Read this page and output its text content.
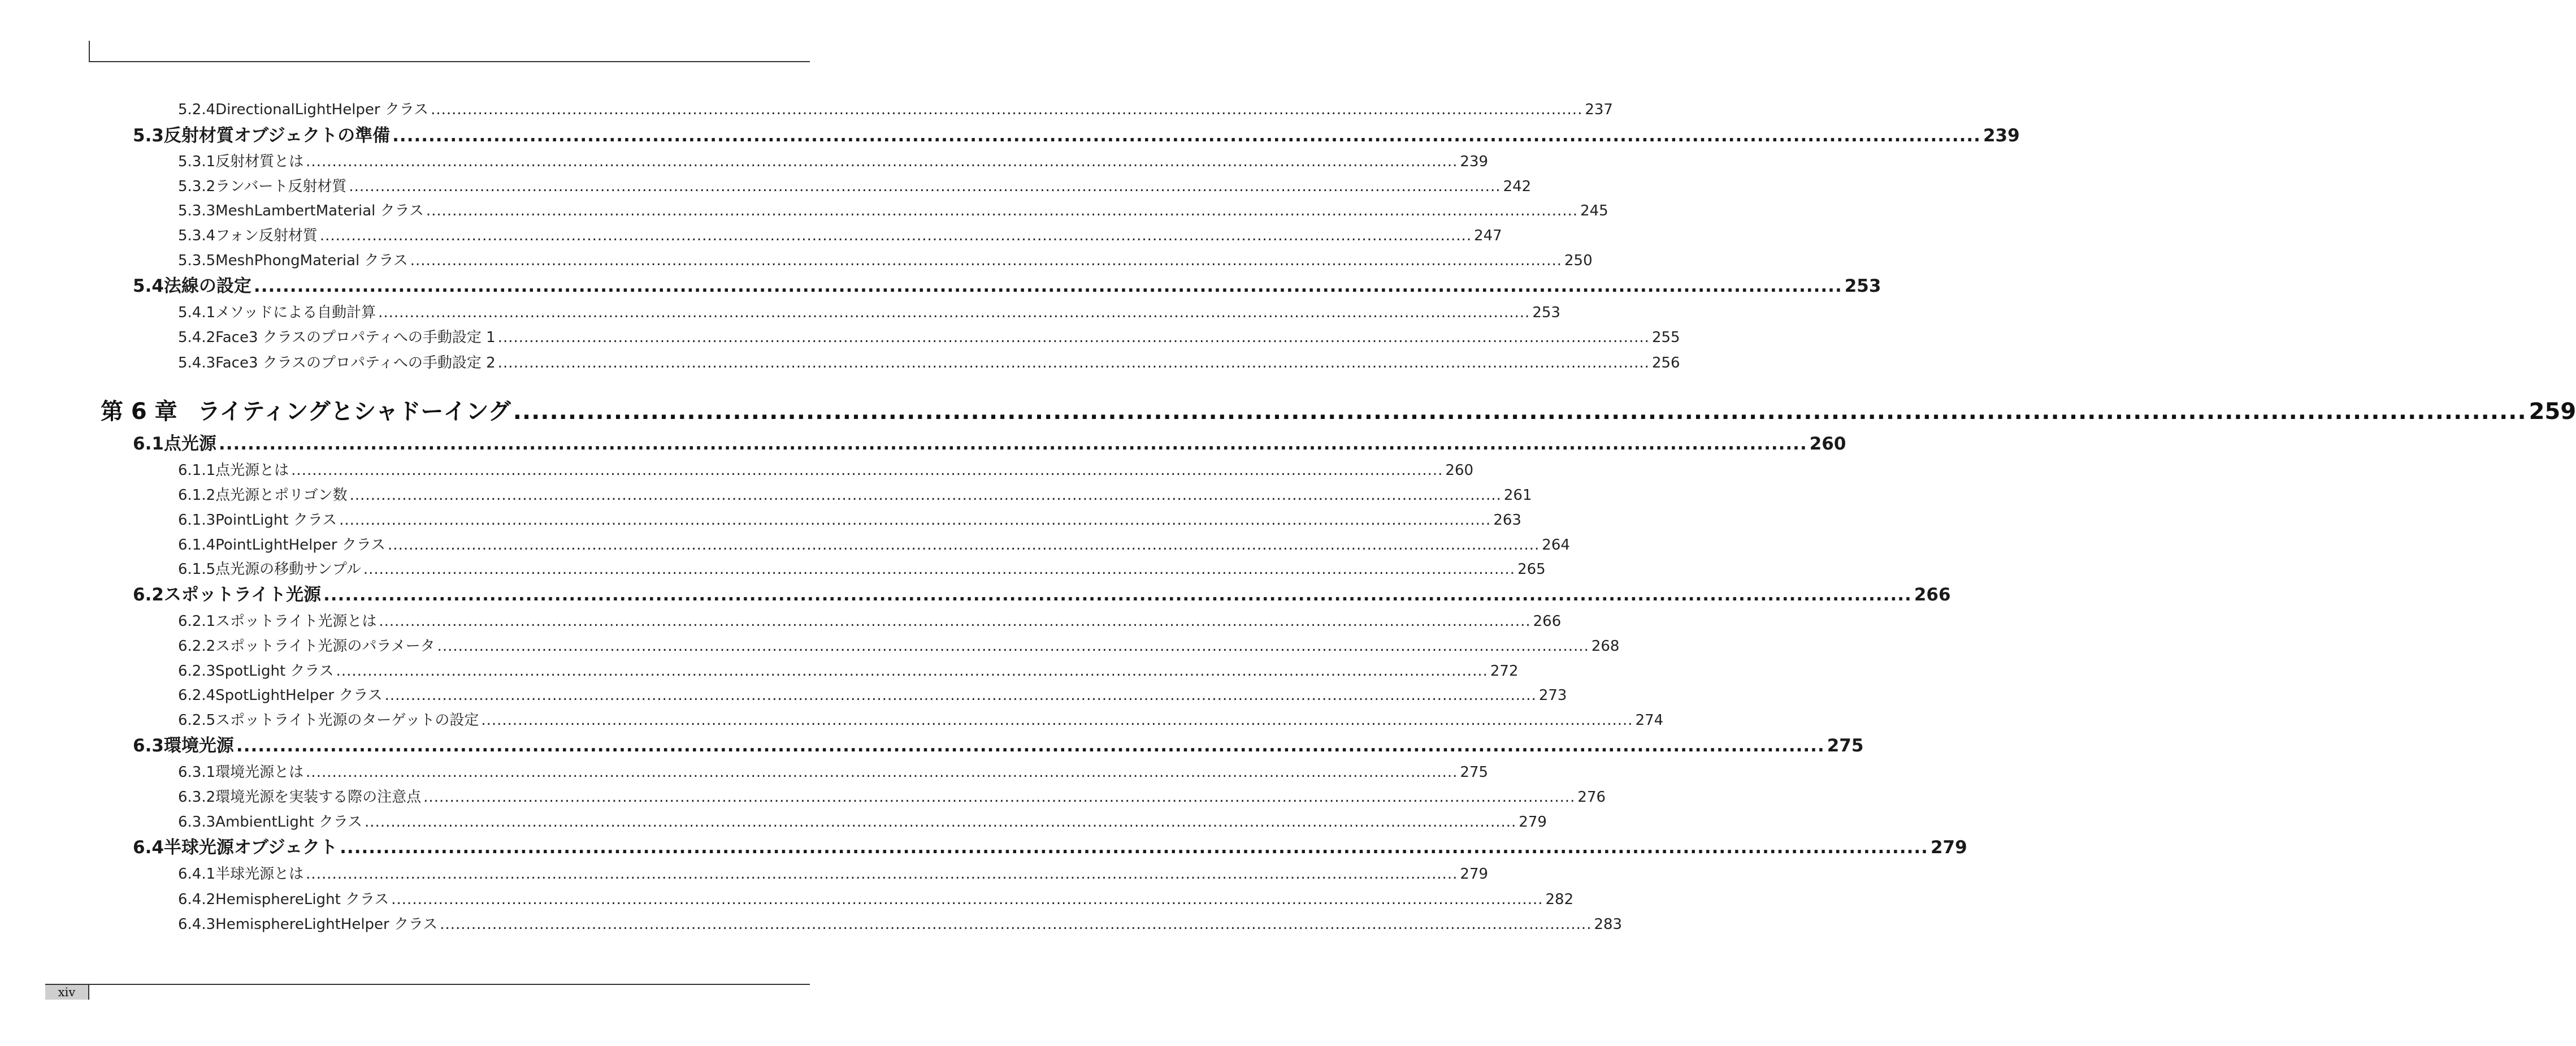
5.2.4 DirectionalLightHelper クラス ............................................................................................................................................................................................................................ 237
5.3 反射材質オブジェクトの準備 ............................................................................................................................................................................................................................ 239
5.3.1 反射材質とは ............................................................................................................................................................................................................................ 239
5.3.2 ランバート反射材質 ............................................................................................................................................................................................................................ 242
5.3.3 MeshLambertMaterial クラス ............................................................................................................................................................................................................................ 245
5.3.4 フォン反射材質 ............................................................................................................................................................................................................................ 247
5.3.5 MeshPhongMaterial クラス ............................................................................................................................................................................................................................ 250
5.4 法線の設定 ............................................................................................................................................................................................................................ 253
5.4.1 メソッドによる自動計算 ............................................................................................................................................................................................................................ 253
5.4.2 Face3 クラスのプロパティへの手動設定 1 ............................................................................................................................................................................................................................ 255
5.4.3 Face3 クラスのプロパティへの手動設定 2 ............................................................................................................................................................................................................................ 256
第 6 章 ライティングとシャドーイング ............................................................................................................................................................................................................................ 259
6.1 点光源 ............................................................................................................................................................................................................................ 260
6.1.1 点光源とは ............................................................................................................................................................................................................................ 260
6.1.2 点光源とポリゴン数 ............................................................................................................................................................................................................................ 261
6.1.3 PointLight クラス ............................................................................................................................................................................................................................ 263
6.1.4 PointLightHelper クラス ............................................................................................................................................................................................................................ 264
6.1.5 点光源の移動サンプル ............................................................................................................................................................................................................................ 265
6.2 スポットライト光源 ............................................................................................................................................................................................................................ 266
6.2.1 スポットライト光源とは ............................................................................................................................................................................................................................ 266
6.2.2 スポットライト光源のパラメータ ............................................................................................................................................................................................................................ 268
6.2.3 SpotLight クラス ............................................................................................................................................................................................................................ 272
6.2.4 SpotLightHelper クラス ............................................................................................................................................................................................................................ 273
6.2.5 スポットライト光源のターゲットの設定 ............................................................................................................................................................................................................................ 274
6.3 環境光源 ............................................................................................................................................................................................................................ 275
6.3.1 環境光源とは ............................................................................................................................................................................................................................ 275
6.3.2 環境光源を実装する際の注意点 ............................................................................................................................................................................................................................ 276
6.3.3 AmbientLight クラス ............................................................................................................................................................................................................................ 279
6.4 半球光源オブジェクト ............................................................................................................................................................................................................................ 279
6.4.1 半球光源とは ............................................................................................................................................................................................................................ 279
6.4.2 HemisphereLight クラス ............................................................................................................................................................................................................................ 282
6.4.3 HemisphereLightHelper クラス ............................................................................................................................................................................................................................ 283
xiv
